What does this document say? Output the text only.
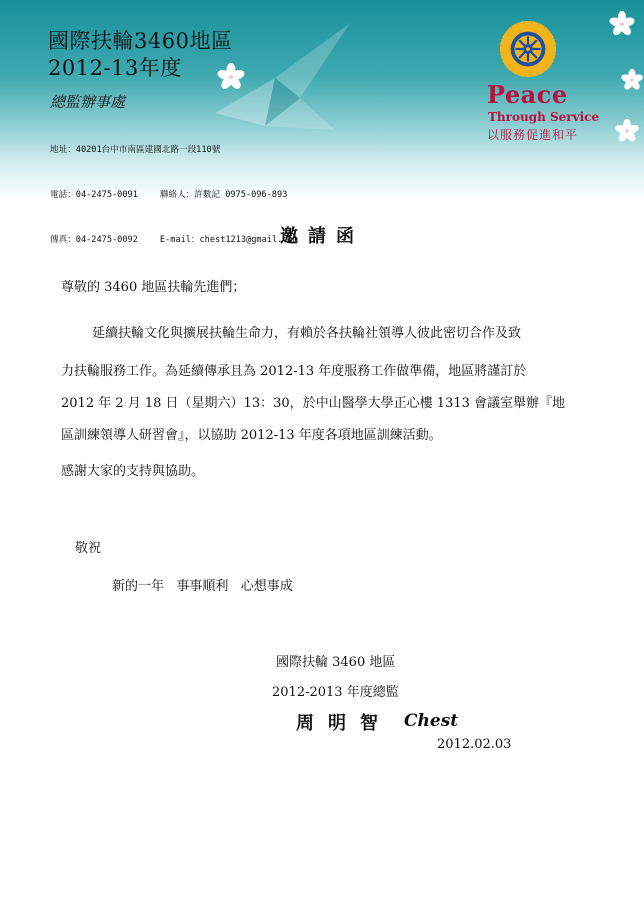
國際扶輪3460地區
2012-13年度
總監辦事處

地址：40201台中市南區建國北路一段110號

電話：04-2475-0091	聯絡人：許數記 0975-096-893

傳真：04-2475-0092	E-mail：chest1213@gmail.com

Peace
Through Service
以服務促進和平
邀請函

尊敬的 3460 地區扶輪先進們；

延續扶輪文化與擴展扶輪生命力，有賴於各扶輪社領導人彼此密切合作及致

力扶輪服務工作。為延續傳承且為 2012-13 年度服務工作做準備，地區將謹訂於

2012 年 2 月 18 日（星期六）13：30，於中山醫學大學正心樓 1313 會議室舉辦『地

區訓練領導人研習會』，以協助 2012-13 年度各項地區訓練活動。

感謝大家的支持與協助。

敬祝

新的一年   事事順利   心想事成

國際扶輪 3460 地區

2012-2013 年度總監

周明智 Chest

2012.02.03
